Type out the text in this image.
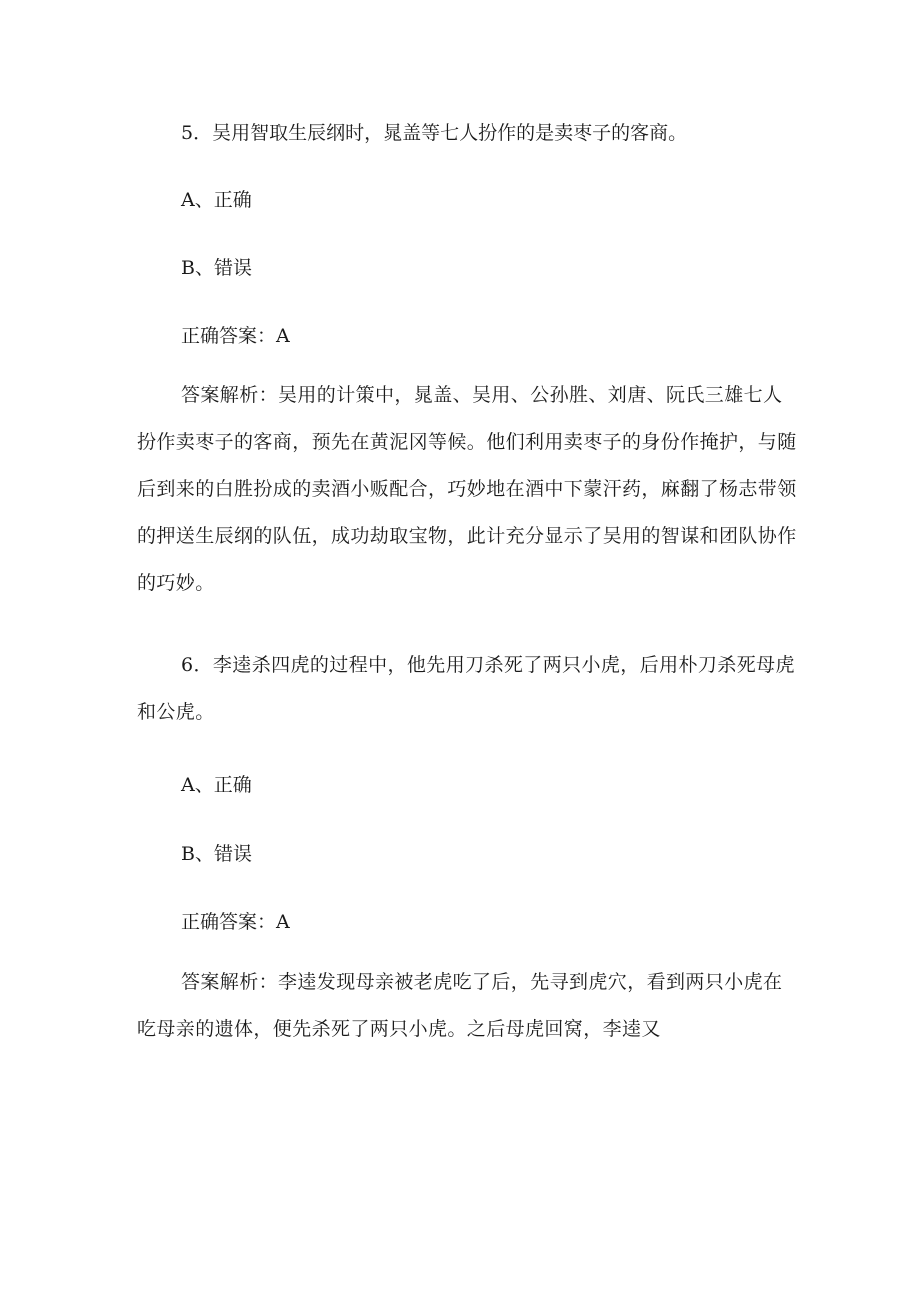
5．吴用智取生辰纲时，晁盖等七人扮作的是卖枣子的客商。
A、正确
B、错误
正确答案：A
答案解析：吴用的计策中，晁盖、吴用、公孙胜、刘唐、阮氏三雄七人扮作卖枣子的客商，预先在黄泥冈等候。他们利用卖枣子的身份作掩护，与随后到来的白胜扮成的卖酒小贩配合，巧妙地在酒中下蒙汗药，麻翻了杨志带领的押送生辰纲的队伍，成功劫取宝物，此计充分显示了吴用的智谋和团队协作的巧妙。
6．李逵杀四虎的过程中，他先用刀杀死了两只小虎，后用朴刀杀死母虎和公虎。
A、正确
B、错误
正确答案：A
答案解析：李逵发现母亲被老虎吃了后，先寻到虎穴，看到两只小虎在吃母亲的遗体，便先杀死了两只小虎。之后母虎回窝，李逵又
